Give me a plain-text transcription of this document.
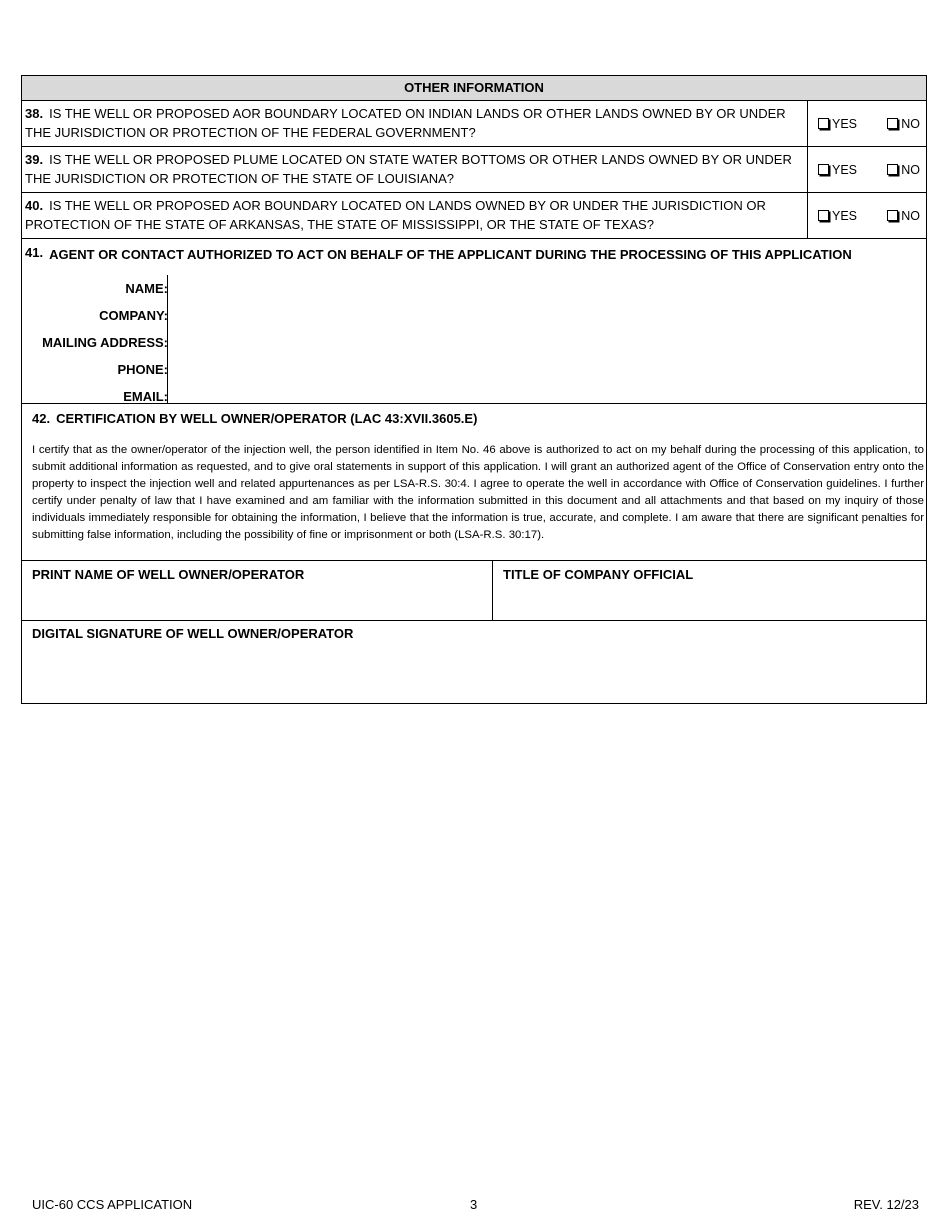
OTHER INFORMATION
38. IS THE WELL OR PROPOSED AOR BOUNDARY LOCATED ON INDIAN LANDS OR OTHER LANDS OWNED BY OR UNDER THE JURISDICTION OR PROTECTION OF THE FEDERAL GOVERNMENT?
YES	NO
39. IS THE WELL OR PROPOSED PLUME LOCATED ON STATE WATER BOTTOMS OR OTHER LANDS OWNED BY OR UNDER THE JURISDICTION OR PROTECTION OF THE STATE OF LOUISIANA?
YES	NO
40. IS THE WELL OR PROPOSED AOR BOUNDARY LOCATED ON LANDS OWNED BY OR UNDER THE JURISDICTION OR PROTECTION OF THE STATE OF ARKANSAS, THE STATE OF MISSISSIPPI, OR THE STATE OF TEXAS?
YES	NO
41. AGENT OR CONTACT AUTHORIZED TO ACT ON BEHALF OF THE APPLICANT DURING THE PROCESSING OF THIS APPLICATION
NAME:
COMPANY:
MAILING ADDRESS:
PHONE:
EMAIL:
42. CERTIFICATION BY WELL OWNER/OPERATOR (LAC 43:XVII.3605.E)
I certify that as the owner/operator of the injection well, the person identified in Item No. 46 above is authorized to act on my behalf during the processing of this application, to submit additional information as requested, and to give oral statements in support of this application. I will grant an authorized agent of the Office of Conservation entry onto the property to inspect the injection well and related appurtenances as per LSA-R.S. 30:4. I agree to operate the well in accordance with Office of Conservation guidelines. I further certify under penalty of law that I have examined and am familiar with the information submitted in this document and all attachments and that based on my inquiry of those individuals immediately responsible for obtaining the information, I believe that the information is true, accurate, and complete. I am aware that there are significant penalties for submitting false information, including the possibility of fine or imprisonment or both (LSA-R.S. 30:17).
PRINT NAME OF WELL OWNER/OPERATOR	TITLE OF COMPANY OFFICIAL
DIGITAL SIGNATURE OF WELL OWNER/OPERATOR
UIC-60 CCS APPLICATION	3	REV. 12/23
